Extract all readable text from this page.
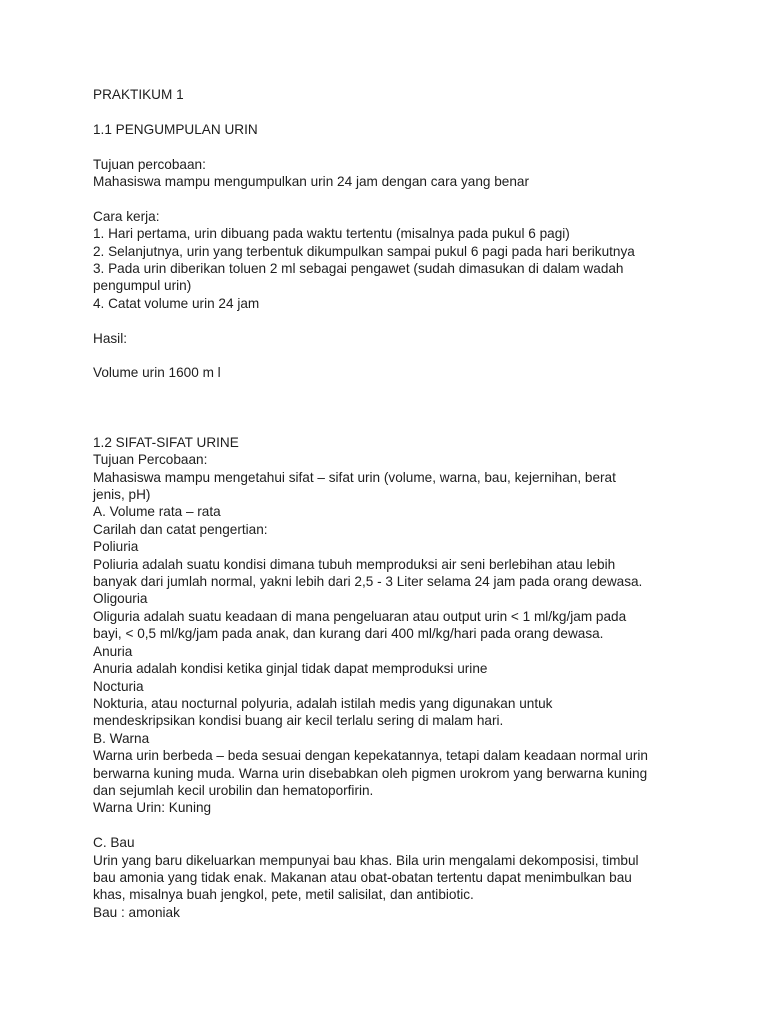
PRAKTIKUM 1
1.1 PENGUMPULAN URIN
Tujuan percobaan:
Mahasiswa mampu mengumpulkan urin 24 jam dengan cara yang benar
Cara kerja:
1. Hari pertama, urin dibuang pada waktu tertentu (misalnya pada pukul 6 pagi)
2. Selanjutnya, urin yang terbentuk dikumpulkan sampai pukul 6 pagi pada hari berikutnya
3. Pada urin diberikan toluen 2 ml sebagai pengawet (sudah dimasukan di dalam wadah
pengumpul urin)
4. Catat volume urin 24 jam
Hasil:
Volume urin 1600 m l
1.2 SIFAT-SIFAT URINE
Tujuan Percobaan:
Mahasiswa mampu mengetahui sifat – sifat urin (volume, warna, bau, kejernihan, berat
jenis, pH)
A. Volume rata – rata
Carilah dan catat pengertian:
Poliuria
Poliuria adalah suatu kondisi dimana tubuh memproduksi air seni berlebihan atau lebih
banyak dari jumlah normal, yakni lebih dari 2,5 - 3 Liter selama 24 jam pada orang dewasa.
Oligouria
Oliguria adalah suatu keadaan di mana pengeluaran atau output urin < 1 ml/kg/jam pada
bayi, < 0,5 ml/kg/jam pada anak, dan kurang dari 400 ml/kg/hari pada orang dewasa.
Anuria
Anuria adalah kondisi ketika ginjal tidak dapat memproduksi urine
Nocturia
Nokturia, atau nocturnal polyuria, adalah istilah medis yang digunakan untuk
mendeskripsikan kondisi buang air kecil terlalu sering di malam hari.
B. Warna
Warna urin berbeda – beda sesuai dengan kepekatannya, tetapi dalam keadaan normal urin
berwarna kuning muda. Warna urin disebabkan oleh pigmen urokrom yang berwarna kuning
dan sejumlah kecil urobilin dan hematoporfirin.
Warna Urin: Kuning
C. Bau
Urin yang baru dikeluarkan mempunyai bau khas. Bila urin mengalami dekomposisi, timbul
bau amonia yang tidak enak. Makanan atau obat-obatan tertentu dapat menimbulkan bau
khas, misalnya buah jengkol, pete, metil salisilat, dan antibiotic.
Bau : amoniak
